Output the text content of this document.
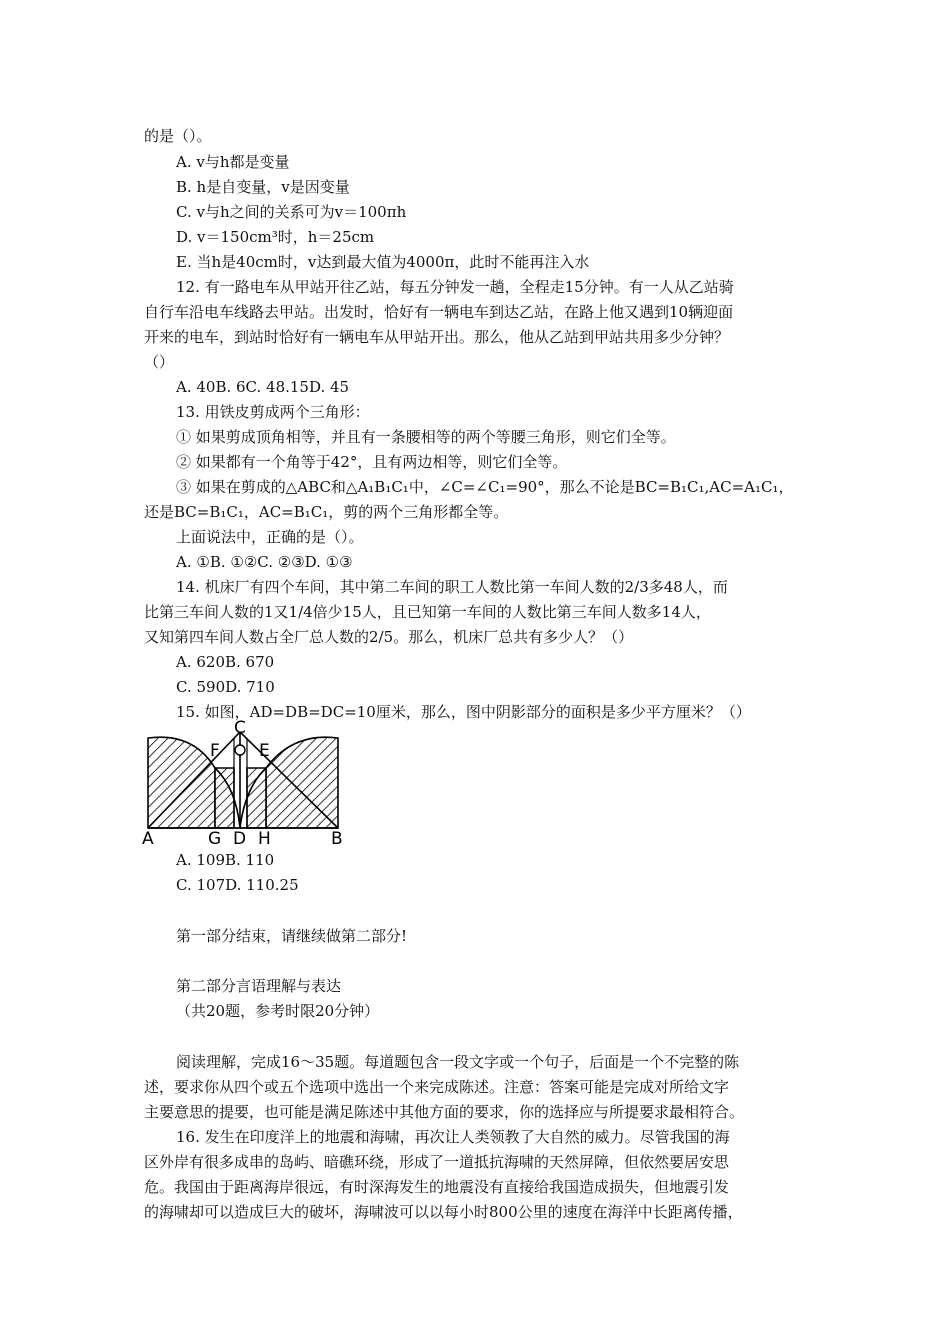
的是（）。
A. v与h都是变量
B. h是自变量，v是因变量
C. v与h之间的关系可为v＝100πh
D. v＝150cm³时，h＝25cm
E. 当h是40cm时，v达到最大值为4000π，此时不能再注入水
12. 有一路电车从甲站开往乙站，每五分钟发一趟，全程走15分钟。有一人从乙站骑
自行车沿电车线路去甲站。出发时，恰好有一辆电车到达乙站，在路上他又遇到10辆迎面
开来的电车，到站时恰好有一辆电车从甲站开出。那么，他从乙站到甲站共用多少分钟？
（）
A. 40B. 6C. 48.15D. 45
13. 用铁皮剪成两个三角形：
① 如果剪成顶角相等，并且有一条腰相等的两个等腰三角形，则它们全等。
② 如果都有一个角等于42°，且有两边相等，则它们全等。
③ 如果在剪成的△ABC和△A₁B₁C₁中，∠C=∠C₁=90°，那么不论是BC=B₁C₁,AC=A₁C₁，
还是BC=B₁C₁，AC=B₁C₁，剪的两个三角形都全等。
上面说法中，正确的是（）。
A. ①B. ①②C. ②③D. ①③
14. 机床厂有四个车间，其中第二车间的职工人数比第一车间人数的2/3多48人，而
比第三车间人数的1又1/4倍少15人，且已知第一车间的人数比第三车间人数多14人，
又知第四车间人数占全厂总人数的2/5。那么，机床厂总共有多少人？（）
A. 620B. 670
C. 590D. 710
15. 如图，AD=DB=DC=10厘米，那么，图中阴影部分的面积是多少平方厘米？（）
A	G D H	B
C
F E
A. 109B. 110
C. 107D. 110.25
第一部分结束，请继续做第二部分!
第二部分言语理解与表达
（共20题，参考时限20分钟）
阅读理解，完成16～35题。每道题包含一段文字或一个句子，后面是一个不完整的陈
述，要求你从四个或五个选项中选出一个来完成陈述。注意：答案可能是完成对所给文字
主要意思的提要，也可能是满足陈述中其他方面的要求，你的选择应与所提要求最相符合。
16. 发生在印度洋上的地震和海啸，再次让人类领教了大自然的威力。尽管我国的海
区外岸有很多成串的岛屿、暗礁环绕，形成了一道抵抗海啸的天然屏障，但依然要居安思
危。我国由于距离海岸很远，有时深海发生的地震没有直接给我国造成损失，但地震引发
的海啸却可以造成巨大的破坏，海啸波可以以每小时800公里的速度在海洋中长距离传播，
